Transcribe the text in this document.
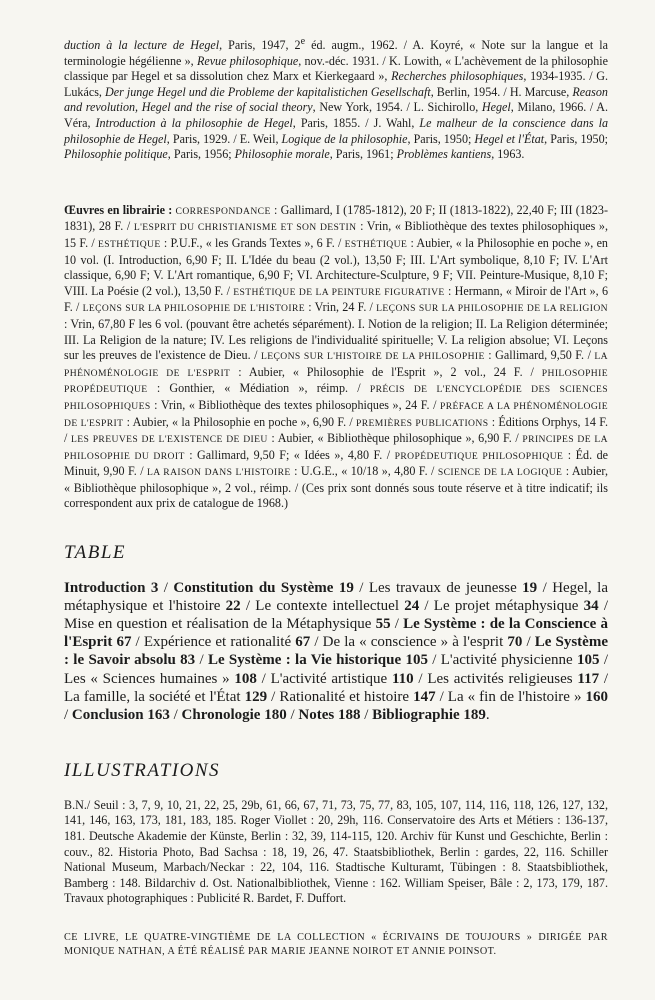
duction à la lecture de Hegel, Paris, 1947, 2e éd. augm., 1962. / A. Koyré, « Note sur la langue et la terminologie hégélienne », Revue philosophique, nov.-déc. 1931. / K. Lowith, « L'achèvement de la philosophie classique par Hegel et sa dissolution chez Marx et Kierkegaard », Recherches philosophiques, 1934-1935. / G. Lukács, Der junge Hegel und die Probleme der kapitalistichen Gesellschaft, Berlin, 1954. / H. Marcuse, Reason and revolution, Hegel and the rise of social theory, New York, 1954. / L. Sichirollo, Hegel, Milano, 1966. / A. Véra, Introduction à la philosophie de Hegel, Paris, 1855. / J. Wahl, Le malheur de la conscience dans la philosophie de Hegel, Paris, 1929. / E. Weil, Logique de la philosophie, Paris, 1950; Hegel et l'État, Paris, 1950; Philosophie politique, Paris, 1956; Philosophie morale, Paris, 1961; Problèmes kantiens, 1963.

Œuvres en librairie : CORRESPONDANCE : Gallimard, I (1785-1812), 20 F; II (1813-1822), 22,40 F; III (1823-1831), 28 F. / L'ESPRIT DU CHRISTIANISME ET SON DESTIN : Vrin, « Bibliothèque des textes philosophiques », 15 F. / ESTHÉTIQUE : P.U.F., « les Grands Textes », 6 F. / ESTHÉTIQUE : Aubier, « la Philosophie en poche », en 10 vol. (I. Introduction, 6,90 F; II. L'Idée du beau (2 vol.), 13,50 F; III. L'Art symbolique, 8,10 F; IV. L'Art classique, 6,90 F; V. L'Art romantique, 6,90 F; VI. Architecture-Sculpture, 9 F; VII. Peinture-Musique, 8,10 F; VIII. La Poésie (2 vol.), 13,50 F. / ESTHÉTIQUE DE LA PEINTURE FIGURATIVE : Hermann, « Miroir de l'Art », 6 F. / LEÇONS SUR LA PHILOSOPHIE DE L'HISTOIRE : Vrin, 24 F. / LEÇONS SUR LA PHILOSOPHIE DE LA RELIGION : Vrin, 67,80 F les 6 vol. (pouvant être achetés séparément). I. Notion de la religion; II. La Religion déterminée; III. La Religion de la nature; IV. Les religions de l'individualité spirituelle; V. La religion absolue; VI. Leçons sur les preuves de l'existence de Dieu. / LEÇONS SUR L'HISTOIRE DE LA PHILOSOPHIE : Gallimard, 9,50 F. / LA PHÉNOMÉNOLOGIE DE L'ESPRIT : Aubier, « Philosophie de l'Esprit », 2 vol., 24 F. / PHILOSOPHIE PROPÉDEUTIQUE : Gonthier, « Médiation », réimp. / PRÉCIS DE L'ENCYCLOPÉDIE DES SCIENCES PHILOSOPHIQUES : Vrin, « Bibliothèque des textes philosophiques », 24 F. / PRÉFACE A LA PHÉNOMÉNOLOGIE DE L'ESPRIT : Aubier, « la Philosophie en poche », 6,90 F. / PREMIÈRES PUBLICATIONS : Éditions Orphys, 14 F. / LES PREUVES DE L'EXISTENCE DE DIEU : Aubier, « Bibliothèque philosophique », 6,90 F. / PRINCIPES DE LA PHILOSOPHIE DU DROIT : Gallimard, 9,50 F; « Idées », 4,80 F. / PROPÉDEUTIQUE PHILOSOPHIQUE : Éd. de Minuit, 9,90 F. / LA RAISON DANS L'HISTOIRE : U.G.E., « 10/18 », 4,80 F. / SCIENCE DE LA LOGIQUE : Aubier, « Bibliothèque philosophique », 2 vol., réimp. / (Ces prix sont donnés sous toute réserve et à titre indicatif; ils correspondent aux prix de catalogue de 1968.)

TABLE

Introduction 3 / Constitution du Système 19 / Les travaux de jeunesse 19 / Hegel, la métaphysique et l'histoire 22 / Le contexte intellectuel 24 / Le projet métaphysique 34 / Mise en question et réalisation de la Métaphysique 55 / Le Système : de la Conscience à l'Esprit 67 / Expérience et rationalité 67 / De la « conscience » à l'esprit 70 / Le Système : le Savoir absolu 83 / Le Système : la Vie historique 105 / L'activité physicienne 105 / Les « Sciences humaines » 108 / L'activité artistique 110 / Les activités religieuses 117 / La famille, la société et l'État 129 / Rationalité et histoire 147 / La « fin de l'histoire » 160 / Conclusion 163 / Chronologie 180 / Notes 188 / Bibliographie 189.

ILLUSTRATIONS

B.N./ Seuil : 3, 7, 9, 10, 21, 22, 25, 29b, 61, 66, 67, 71, 73, 75, 77, 83, 105, 107, 114, 116, 118, 126, 127, 132, 141, 146, 163, 173, 181, 183, 185. Roger Viollet : 20, 29h, 116. Conservatoire des Arts et Métiers : 136-137, 181. Deutsche Akademie der Künste, Berlin : 32, 39, 114-115, 120. Archiv für Kunst und Geschichte, Berlin : couv., 82. Historia Photo, Bad Sachsa : 18, 19, 26, 47. Staatsbibliothek, Berlin : gardes, 22, 116. Schiller National Museum, Marbach/Neckar : 22, 104, 116. Stadtische Kulturamt, Tübingen : 8. Staatsbibliothek, Bamberg : 148. Bildarchiv d. Ost. Nationalbibliothek, Vienne : 162. William Speiser, Bâle : 2, 173, 179, 187. Travaux photographiques : Publicité R. Bardet, F. Duffort.

CE LIVRE, LE QUATRE-VINGTIÈME DE LA COLLECTION « ÉCRIVAINS DE TOUJOURS » DIRIGÉE PAR MONIQUE NATHAN, A ÉTÉ RÉALISÉ PAR MARIE JEANNE NOIROT ET ANNIE POINSOT.
